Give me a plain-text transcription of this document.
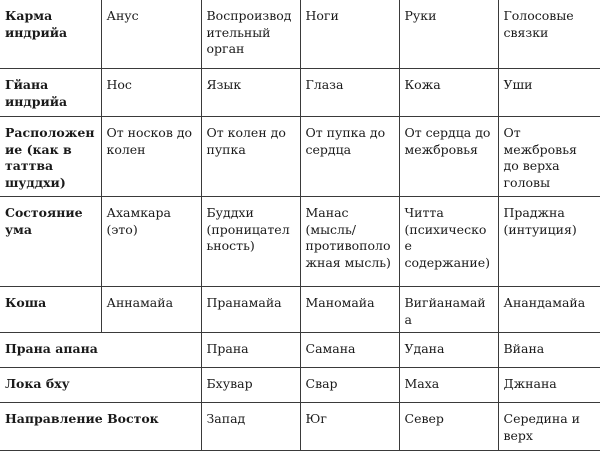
Карма индрийа	Анус	Воспроизводительный орган	Ноги	Руки	Голосовые связки
Гйана индрийа	Нос	Язык	Глаза	Кожа	Уши
Расположение (как в таттва шуддхи)	От носков до колен	От колен до пупка	От пупка до сердца	От сердца до межбровья	От межбровья до верха головы
Состояние ума	Ахамкара (это)	Буддхи (проницательность)	Манас (мысль/противоположная мысль)	Читта (психическое содержание)	Праджна (интуиция)
Коша	Аннамайа	Пранамайа	Маномайа	Вигйанамайа	Анандамайа
Прана апана		Прана	Самана	Удана	Вйана
Лока бху		Бхувар	Свар	Маха	Джнана
Направление Восток		Запад	Юг	Север	Середина и верх
